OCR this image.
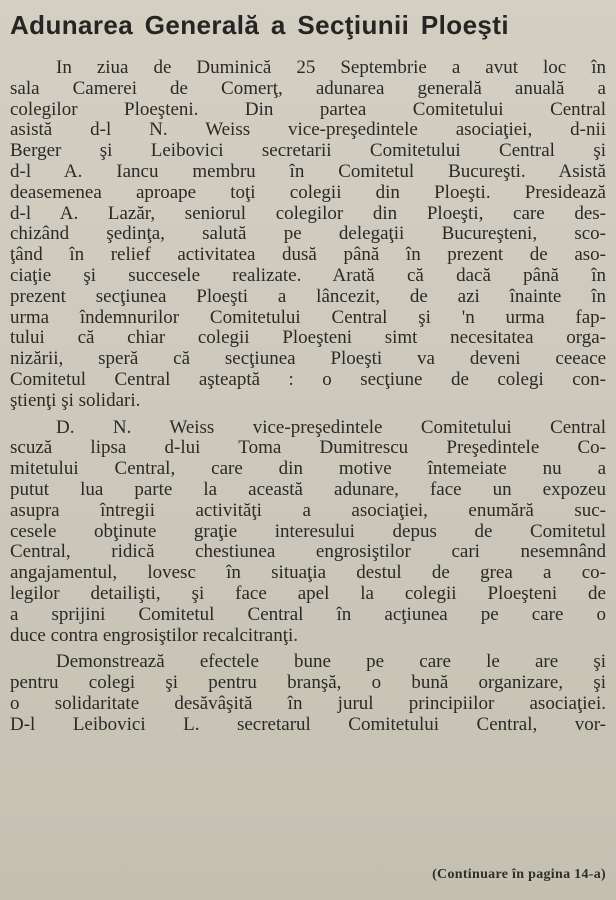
Adunarea Generală a Secţiunii Ploeşti
In ziua de Duminică 25 Septembrie a avut loc în
sala Camerei de Comerţ, adunarea generală anuală a
colegilor Ploeşteni. Din partea Comitetului Central
asistă d-l N. Weiss vice-preşedintele asociaţiei, d-nii
Berger şi Leibovici secretarii Comitetului Central şi
d-l A. Iancu membru în Comitetul Bucureşti. Asistă
deasemenea aproape toţi colegii din Ploeşti. Presidează
d-l A. Lazăr, seniorul colegilor din Ploeşti, care des-
chizând şedinţa, salută pe delegaţii Bucureşteni, sco-
ţând în relief activitatea dusă până în prezent de aso-
ciaţie şi succesele realizate. Arată că dacă până în
prezent secţiunea Ploeşti a lâncezit, de azi înainte în
urma îndemnurilor Comitetului Central şi 'n urma fap-
tului că chiar colegii Ploeşteni simt necesitatea orga-
nizării, speră că secţiunea Ploeşti va deveni ceeace
Comitetul Central aşteaptă : o secţiune de colegi con-
ştienţi şi solidari.
D. N. Weiss vice-preşedintele Comitetului Central
scuză lipsa d-lui Toma Dumitrescu Preşedintele Co-
mitetului Central, care din motive întemeiate nu a
putut lua parte la această adunare, face un expozeu
asupra întregii activităţi a asociaţiei, enumără suc-
cesele obţinute graţie interesului depus de Comitetul
Central, ridică chestiunea engrosiştilor cari nesemnând
angajamentul, lovesc în situaţia destul de grea a co-
legilor detailişti, şi face apel la colegii Ploeşteni de
a sprijini Comitetul Central în acţiunea pe care o
duce contra engrosiştilor recalcitranţi.
Demonstrează efectele bune pe care le are şi
pentru colegi şi pentru branşă, o bună organizare, şi
o solidaritate desăvâşită în jurul principiilor asociaţiei.
D-l Leibovici L. secretarul Comitetului Central, vor-
(Continuare în pagina 14-a)
